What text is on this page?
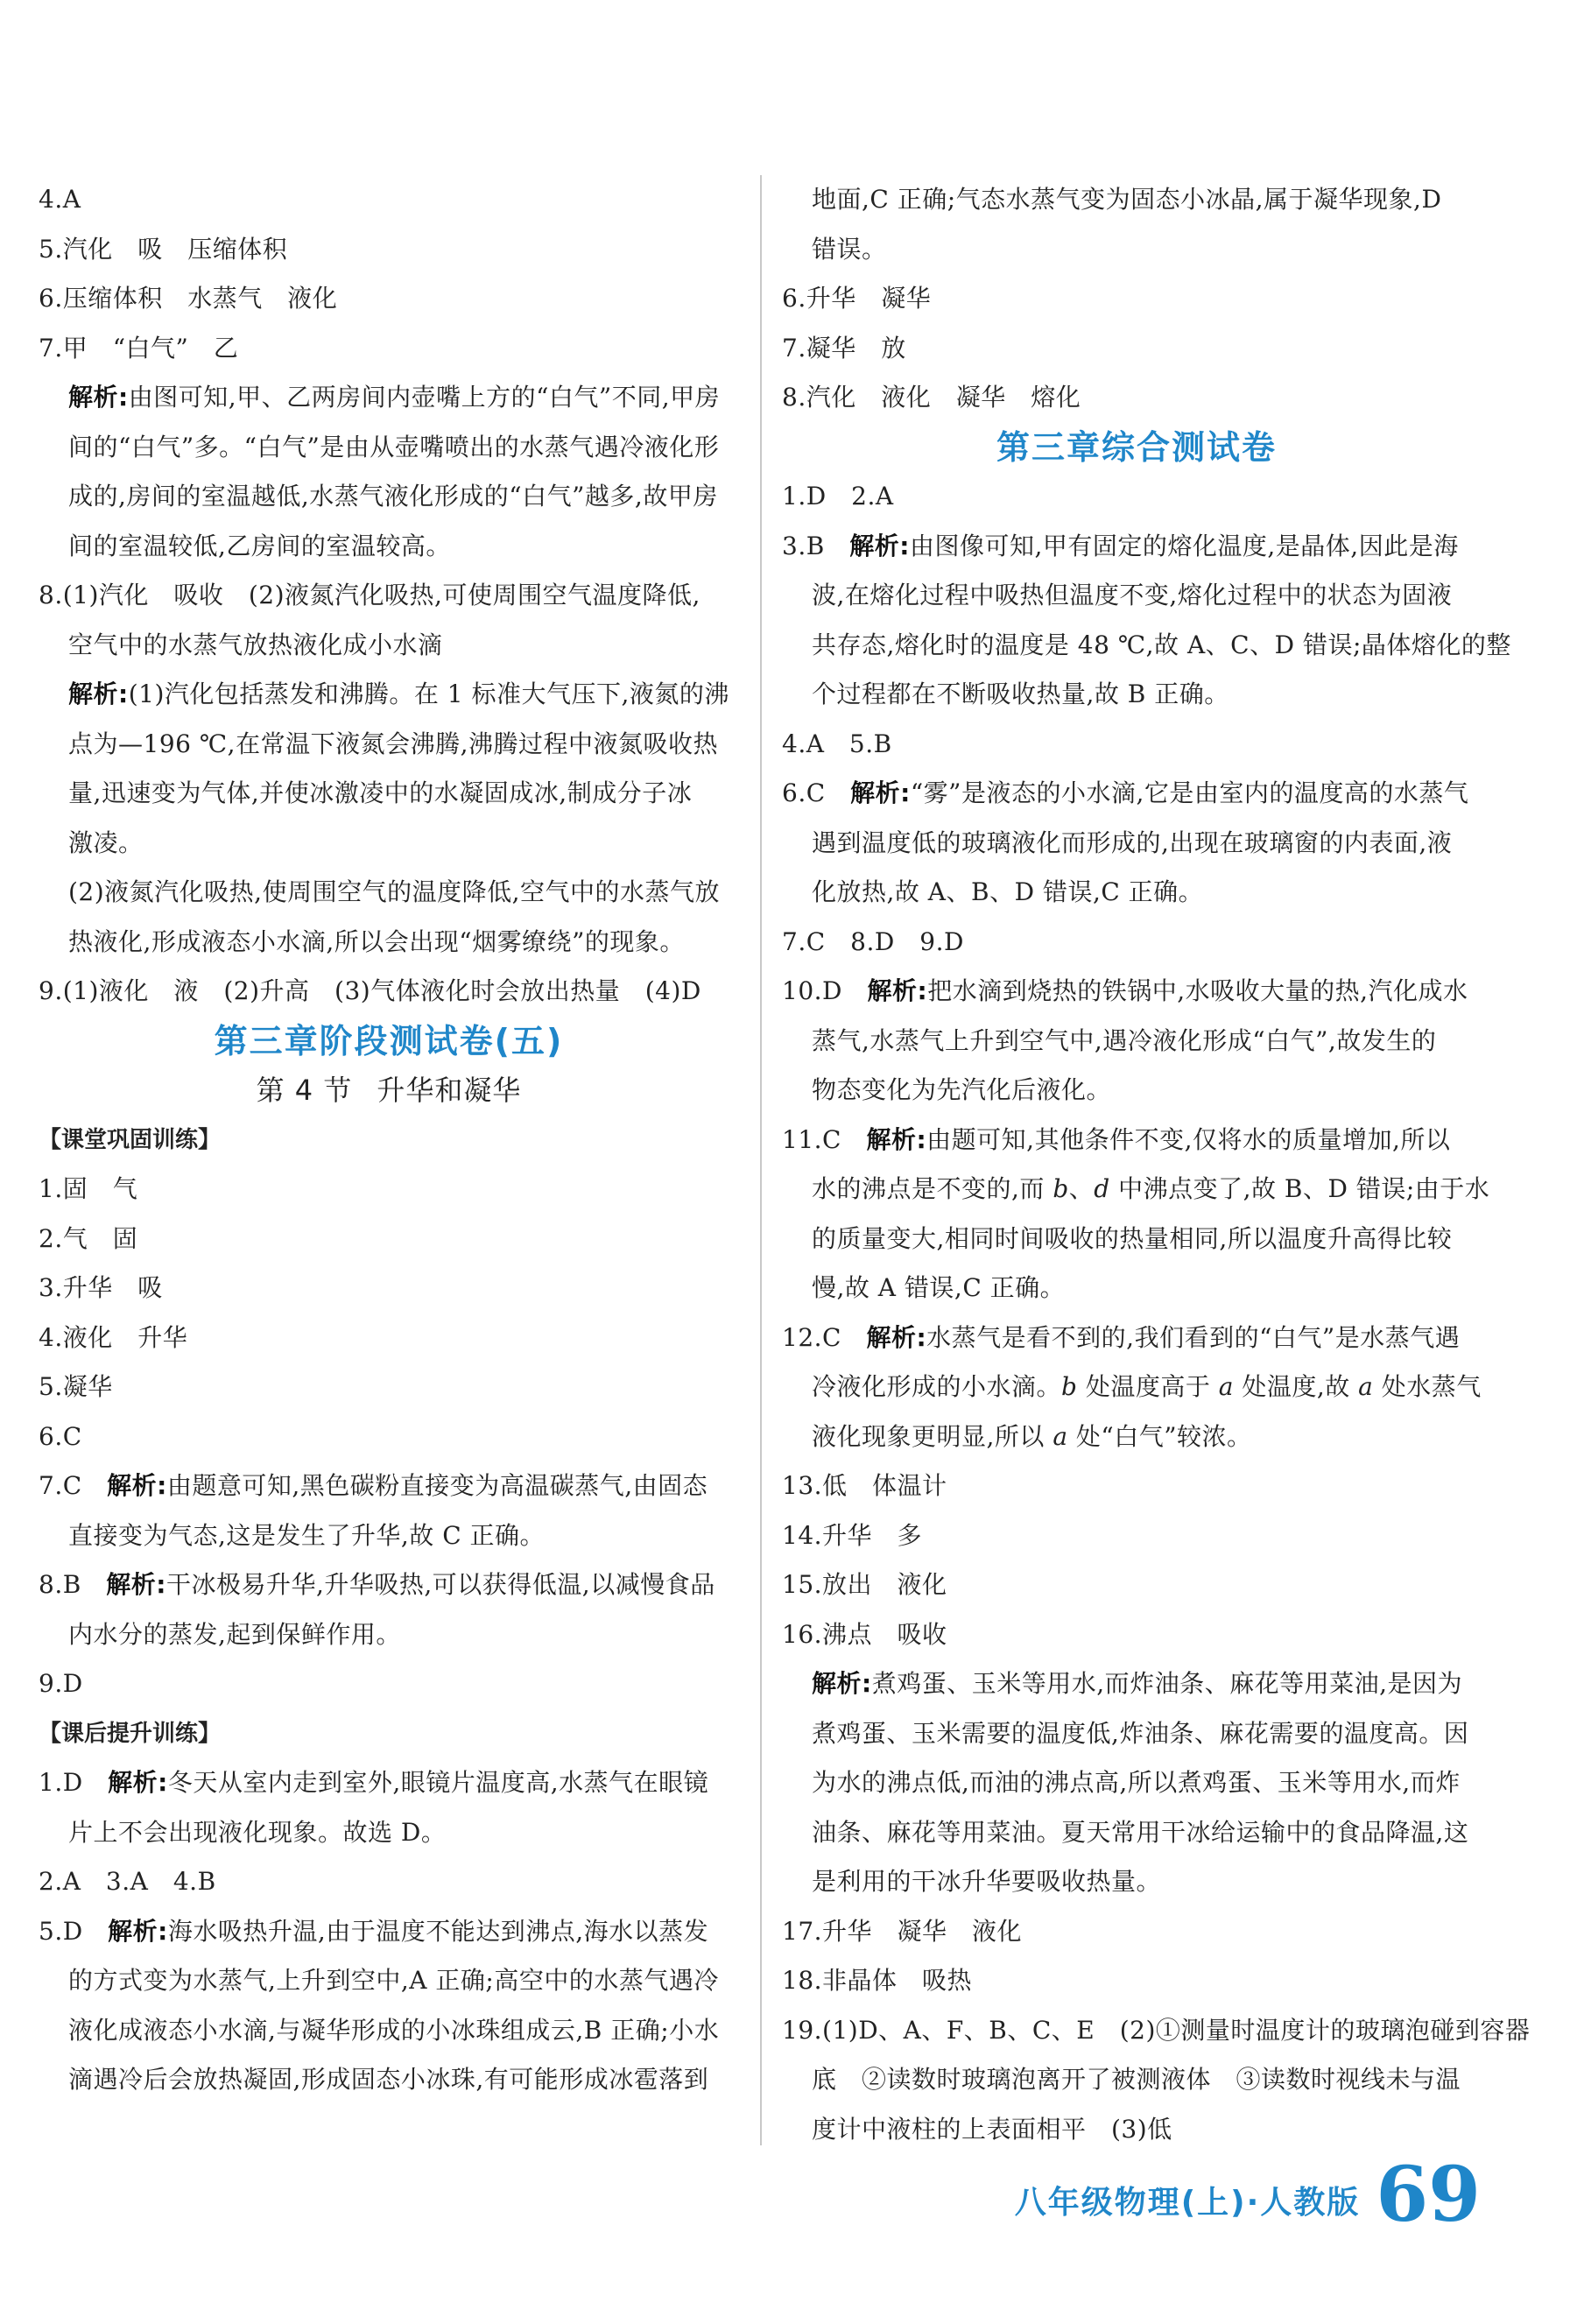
4.A
5.汽化　吸　压缩体积
6.压缩体积　水蒸气　液化
7.甲　“白气”　乙
解析:由图可知,甲、乙两房间内壶嘴上方的“白气”不同,甲房
间的“白气”多。“白气”是由从壶嘴喷出的水蒸气遇冷液化形
成的,房间的室温越低,水蒸气液化形成的“白气”越多,故甲房
间的室温较低,乙房间的室温较高。
8.(1)汽化　吸收　(2)液氮汽化吸热,可使周围空气温度降低,
空气中的水蒸气放热液化成小水滴
解析:(1)汽化包括蒸发和沸腾。在 1 标准大气压下,液氮的沸
点为—196 ℃,在常温下液氮会沸腾,沸腾过程中液氮吸收热
量,迅速变为气体,并使冰激凌中的水凝固成冰,制成分子冰
激凌。
(2)液氮汽化吸热,使周围空气的温度降低,空气中的水蒸气放
热液化,形成液态小水滴,所以会出现“烟雾缭绕”的现象。
9.(1)液化　液　(2)升高　(3)气体液化时会放出热量　(4)D
第三章阶段测试卷(五)
第 4 节 升华和凝华
【课堂巩固训练】
1.固　气
2.气　固
3.升华　吸
4.液化　升华
5.凝华
6.C
7.C　解析:由题意可知,黑色碳粉直接变为高温碳蒸气,由固态
直接变为气态,这是发生了升华,故 C 正确。
8.B　解析:干冰极易升华,升华吸热,可以获得低温,以减慢食品
内水分的蒸发,起到保鲜作用。
9.D
【课后提升训练】
1.D　解析:冬天从室内走到室外,眼镜片温度高,水蒸气在眼镜
片上不会出现液化现象。故选 D。
2.A　3.A　4.B
5.D　解析:海水吸热升温,由于温度不能达到沸点,海水以蒸发
的方式变为水蒸气,上升到空中,A 正确;高空中的水蒸气遇冷
液化成液态小水滴,与凝华形成的小冰珠组成云,B 正确;小水
滴遇冷后会放热凝固,形成固态小冰珠,有可能形成冰雹落到
地面,C 正确;气态水蒸气变为固态小冰晶,属于凝华现象,D
错误。
6.升华　凝华
7.凝华　放
8.汽化　液化　凝华　熔化
第三章综合测试卷
1.D　2.A
3.B　解析:由图像可知,甲有固定的熔化温度,是晶体,因此是海
波,在熔化过程中吸热但温度不变,熔化过程中的状态为固液
共存态,熔化时的温度是 48 ℃,故 A、C、D 错误;晶体熔化的整
个过程都在不断吸收热量,故 B 正确。
4.A　5.B
6.C　解析:“雾”是液态的小水滴,它是由室内的温度高的水蒸气
遇到温度低的玻璃液化而形成的,出现在玻璃窗的内表面,液
化放热,故 A、B、D 错误,C 正确。
7.C　8.D　9.D
10.D　解析:把水滴到烧热的铁锅中,水吸收大量的热,汽化成水
蒸气,水蒸气上升到空气中,遇冷液化形成“白气”,故发生的
物态变化为先汽化后液化。
11.C　解析:由题可知,其他条件不变,仅将水的质量增加,所以
水的沸点是不变的,而 b、d 中沸点变了,故 B、D 错误;由于水
的质量变大,相同时间吸收的热量相同,所以温度升高得比较
慢,故 A 错误,C 正确。
12.C　解析:水蒸气是看不到的,我们看到的“白气”是水蒸气遇
冷液化形成的小水滴。b 处温度高于 a 处温度,故 a 处水蒸气
液化现象更明显,所以 a 处“白气”较浓。
13.低　体温计
14.升华　多
15.放出　液化
16.沸点　吸收
解析:煮鸡蛋、玉米等用水,而炸油条、麻花等用菜油,是因为
煮鸡蛋、玉米需要的温度低,炸油条、麻花需要的温度高。因
为水的沸点低,而油的沸点高,所以煮鸡蛋、玉米等用水,而炸
油条、麻花等用菜油。夏天常用干冰给运输中的食品降温,这
是利用的干冰升华要吸收热量。
17.升华　凝华　液化
18.非晶体　吸热
19.(1)D、A、F、B、C、E　(2)①测量时温度计的玻璃泡碰到容器
底　②读数时玻璃泡离开了被测液体　③读数时视线未与温
度计中液柱的上表面相平　(3)低
八年级物理(上)·人教版 69
